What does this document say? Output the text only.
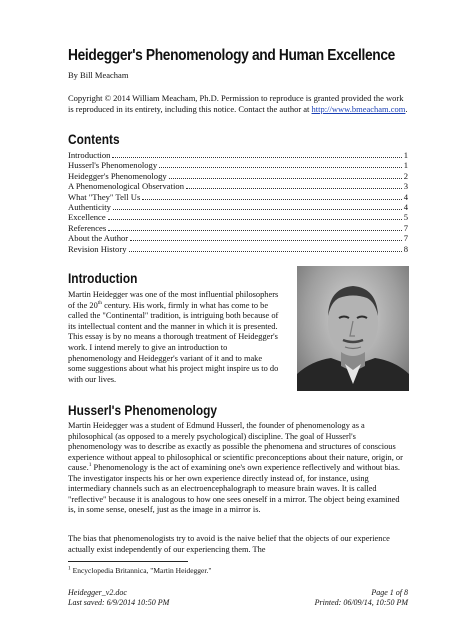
Heidegger's Phenomenology and Human Excellence
By Bill Meacham

Copyright © 2014 William Meacham, Ph.D. Permission to reproduce is granted provided the work is reproduced in its entirety, including this notice. Contact the author at http://www.bmeacham.com.

Contents
Introduction	1
Husserl's Phenomenology	1
Heidegger's Phenomenology	2
A Phenomenological Observation	3
What "They" Tell Us	4
Authenticity	4
Excellence	5
References	7
About the Author	7
Revision History	8
Introduction

Martin Heidegger was one of the most influential philosophers of the 20th century. His work, firmly in what has come to be called the "Continental" tradition, is intriguing both because of its intellectual content and the manner in which it is presented. This essay is by no means a thorough treatment of Heidegger's work. I intend merely to give an introduction to phenomenology and Heidegger's variant of it and to make some suggestions about what his project might inspire us to do with our lives.

Husserl's Phenomenology

Martin Heidegger was a student of Edmund Husserl, the founder of phenomenology as a philosophical (as opposed to a merely psychological) discipline. The goal of Husserl's phenomenology was to describe as exactly as possible the phenomena and structures of conscious experience without appeal to philosophical or scientific preconceptions about their nature, origin, or cause.$^1$ Phenomenology is the act of examining one's own experience reflectively and without bias. The investigator inspects his or her own experience directly instead of, for instance, using intermediary channels such as an electroencephalograph to measure brain waves. It is called "reflective" because it is analogous to how one sees oneself in a mirror. The object being examined is, in some sense, oneself, just as the image in a mirror is.

The bias that phenomenologists try to avoid is the naive belief that the objects of our experience actually exist independently of our experiencing them. The

$^1$ Encyclopedia Britannica, "Martin Heidegger."
Heidegger_v2.doc	Page 1 of 8
Last saved: 6/9/2014 10:50 PM	Printed: 06/09/14, 10:50 PM
